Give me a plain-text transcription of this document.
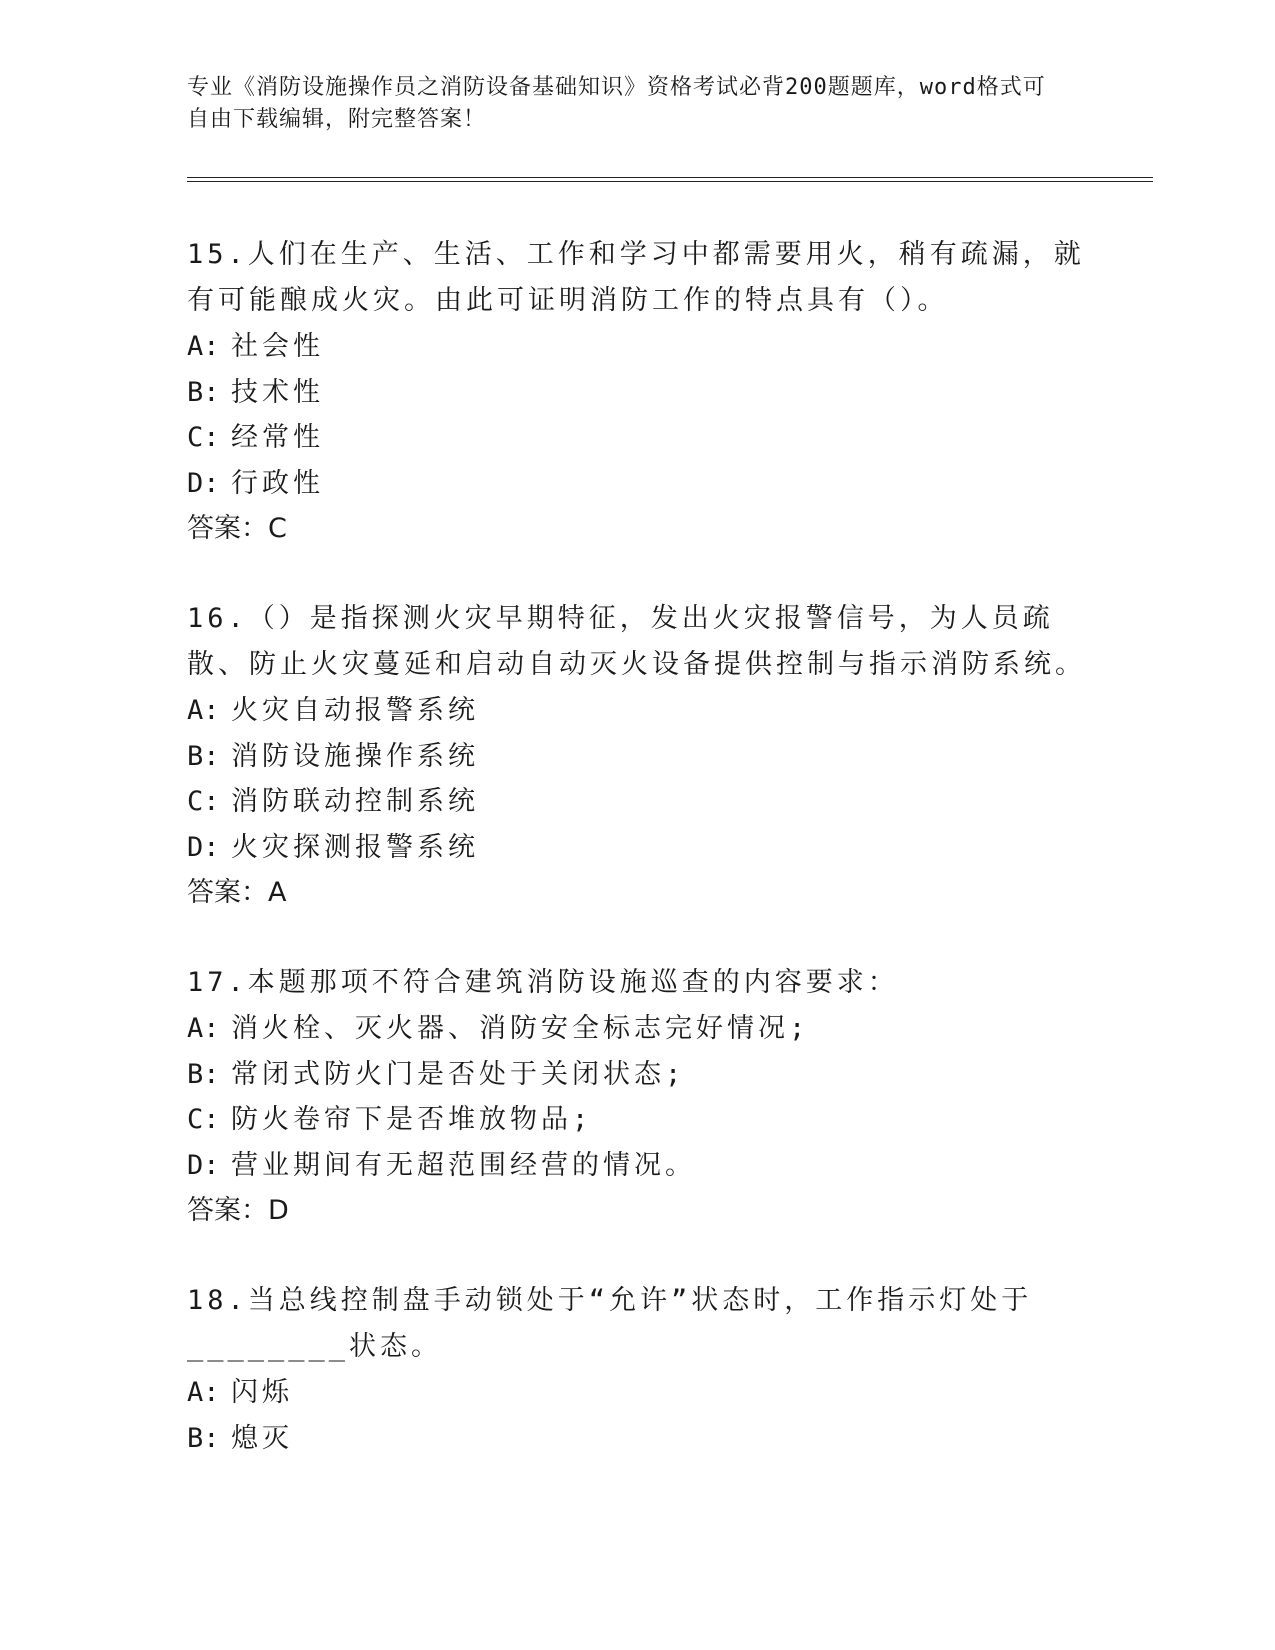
专业《消防设施操作员之消防设备基础知识》资格考试必背200题题库，word格式可自由下载编辑，附完整答案！

15.人们在生产、生活、工作和学习中都需要用火，稍有疏漏，就有可能酿成火灾。由此可证明消防工作的特点具有（）。

A: 社会性

B: 技术性

C: 经常性

D: 行政性

答案：C

16.（）是指探测火灾早期特征，发出火灾报警信号，为人员疏散、防止火灾蔓延和启动自动灭火设备提供控制与指示消防系统。

A: 火灾自动报警系统

B: 消防设施操作系统

C: 消防联动控制系统

D: 火灾探测报警系统

答案：A

17.本题那项不符合建筑消防设施巡查的内容要求：

A: 消火栓、灭火器、消防安全标志完好情况;

B: 常闭式防火门是否处于关闭状态;

C: 防火卷帘下是否堆放物品;

D: 营业期间有无超范围经营的情况。

答案：D

18.当总线控制盘手动锁处于“允许”状态时，工作指示灯处于________状态。

A: 闪烁

B: 熄灭
